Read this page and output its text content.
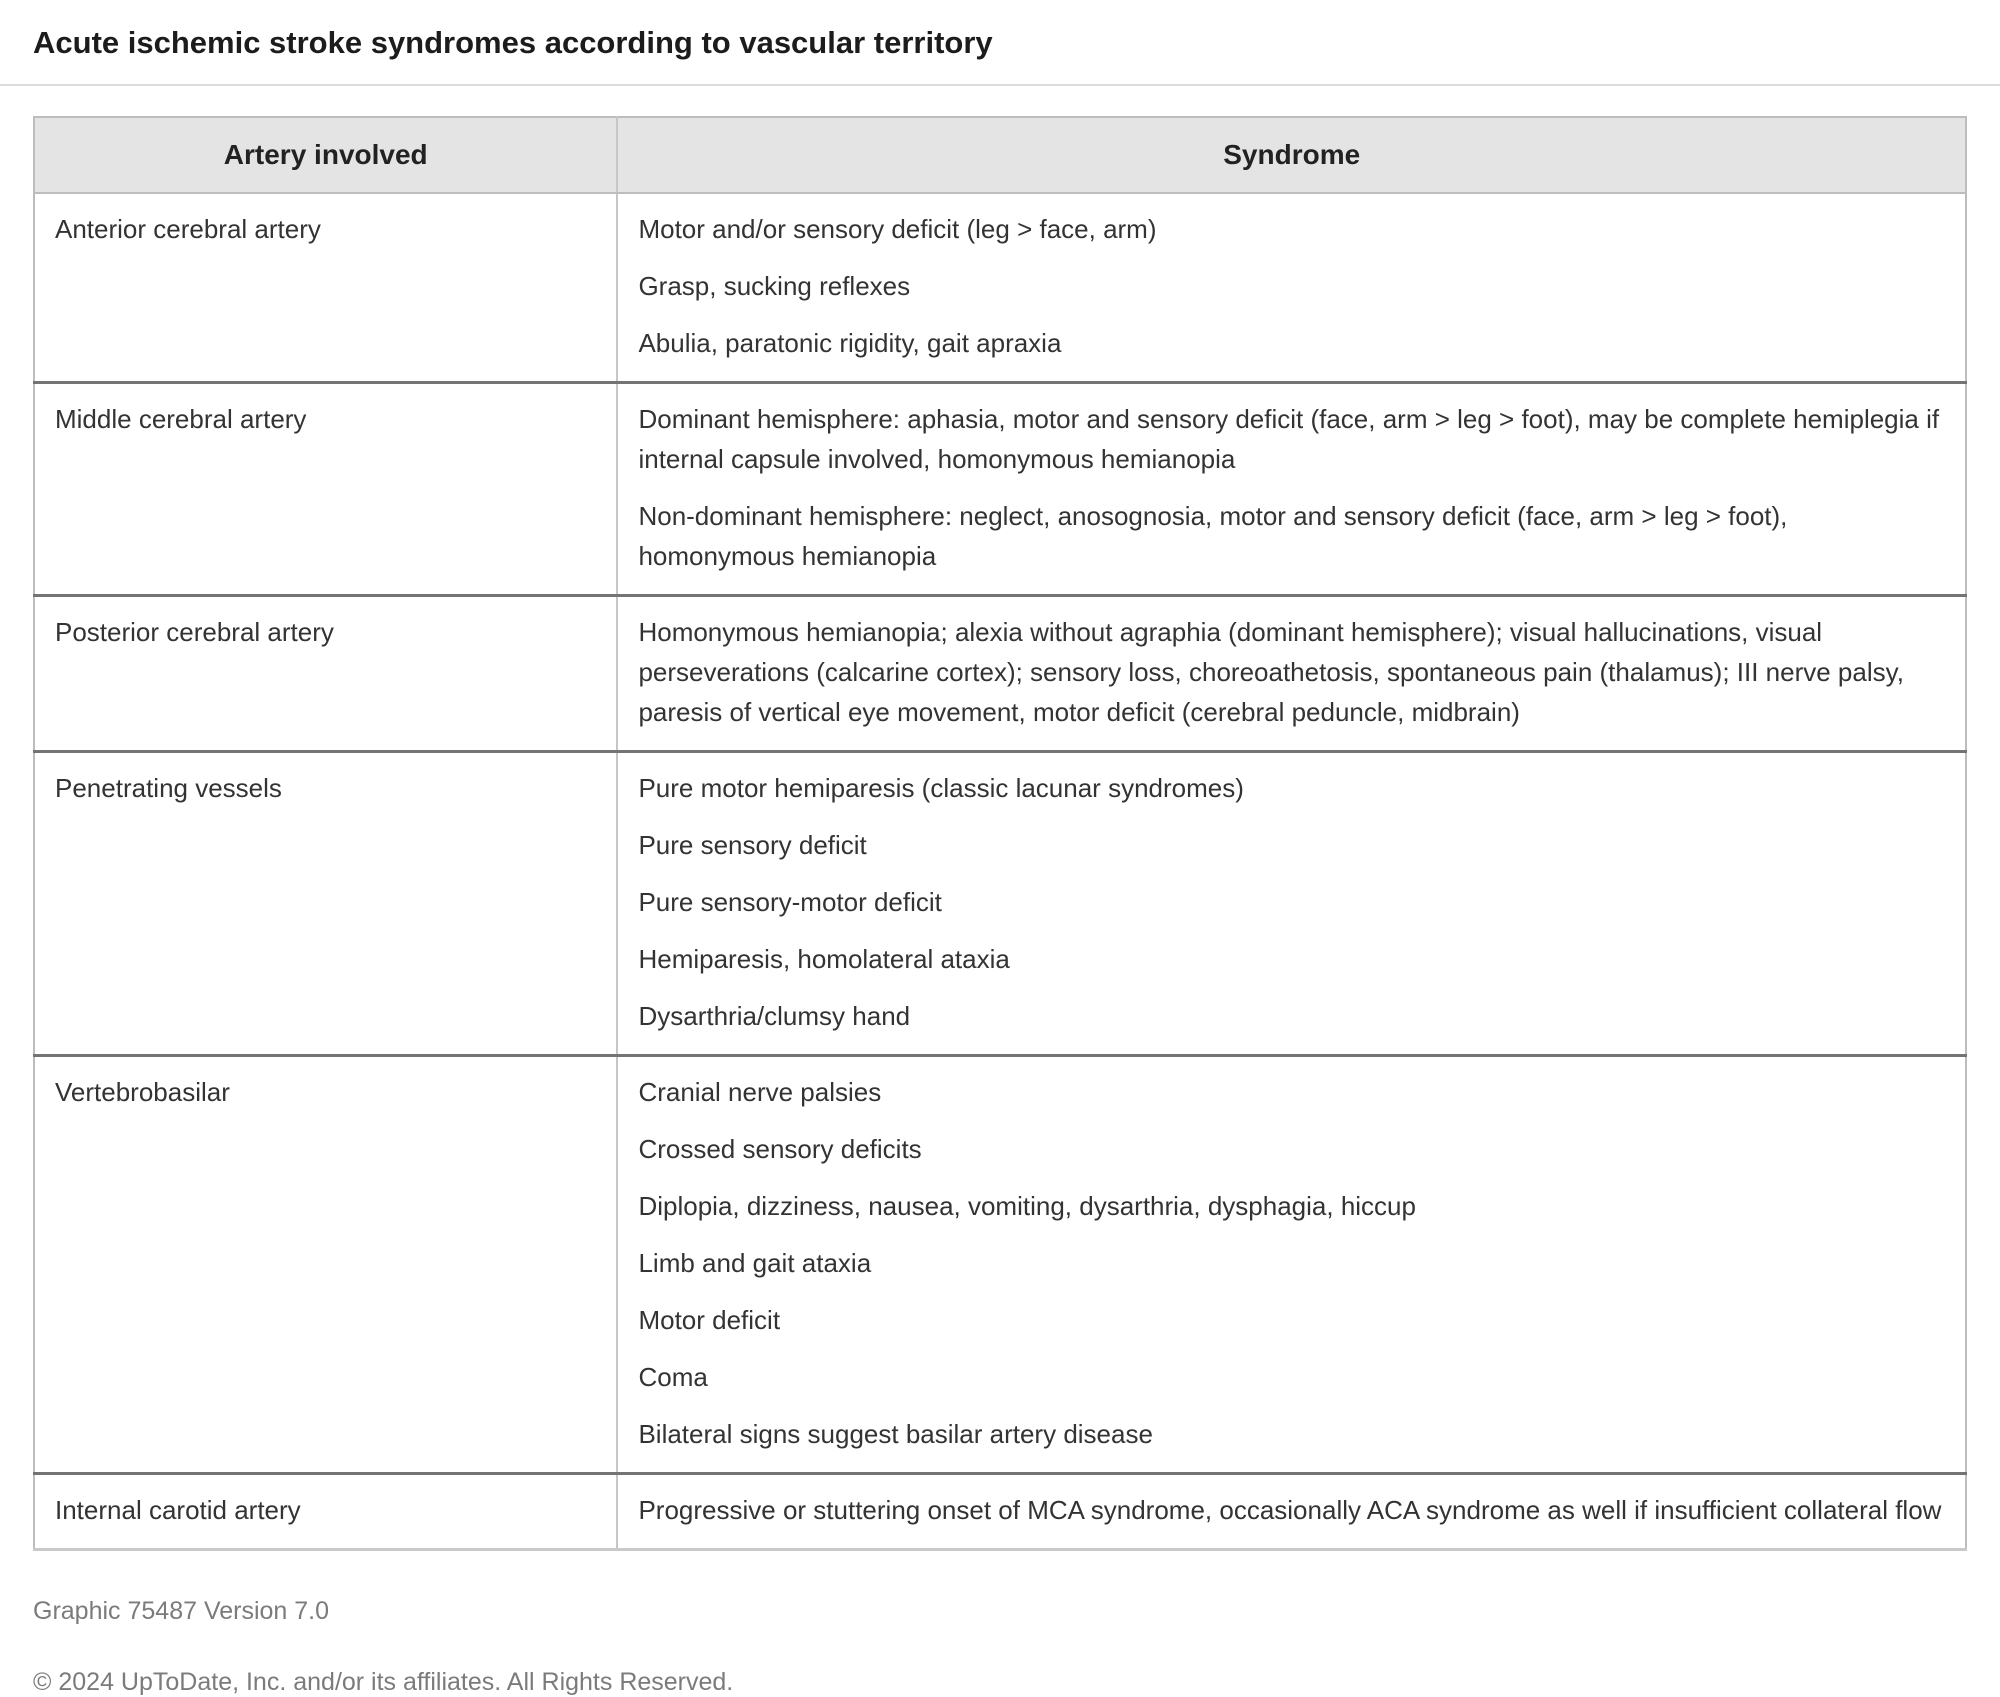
Acute ischemic stroke syndromes according to vascular territory
Artery involved	Syndrome
Anterior cerebral artery	Motor and/or sensory deficit (leg > face, arm)

Grasp, sucking reflexes

Abulia, paratonic rigidity, gait apraxia

Middle cerebral artery	Dominant hemisphere: aphasia, motor and sensory deficit (face, arm > leg > foot), may be complete hemiplegia if internal capsule involved, homonymous hemianopia

Non-dominant hemisphere: neglect, anosognosia, motor and sensory deficit (face, arm > leg > foot), homonymous hemianopia

Posterior cerebral artery	Homonymous hemianopia; alexia without agraphia (dominant hemisphere); visual hallucinations, visual perseverations (calcarine cortex); sensory loss, choreoathetosis, spontaneous pain (thalamus); III nerve palsy, paresis of vertical eye movement, motor deficit (cerebral peduncle, midbrain)

Penetrating vessels	Pure motor hemiparesis (classic lacunar syndromes)

Pure sensory deficit

Pure sensory-motor deficit

Hemiparesis, homolateral ataxia

Dysarthria/clumsy hand

Vertebrobasilar	Cranial nerve palsies

Crossed sensory deficits

Diplopia, dizziness, nausea, vomiting, dysarthria, dysphagia, hiccup

Limb and gait ataxia

Motor deficit

Coma

Bilateral signs suggest basilar artery disease

Internal carotid artery	Progressive or stuttering onset of MCA syndrome, occasionally ACA syndrome as well if insufficient collateral flow

Graphic 75487 Version 7.0

© 2024 UpToDate, Inc. and/or its affiliates. All Rights Reserved.
